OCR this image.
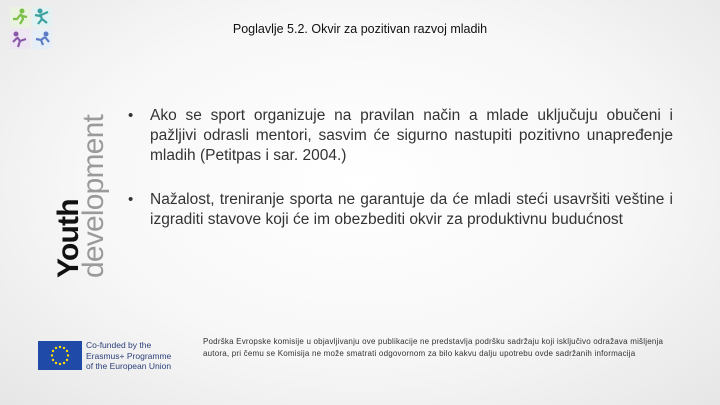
Poglavlje 5.2. Okvir za pozitivan razvoj mladih
Youth
development •	Ako se sport organizuje na pravilan način a mlade uključuju obučeni i pažljivi odrasli mentori, sasvim će sigurno nastupiti pozitivno unapređenje mladih (Petitpas i sar. 2004.)
•	Nažalost, treniranje sporta ne garantuje da će mladi steći usavršiti veštine i izgraditi stavove koji će im obezbediti okvir za produktivnu budućnost
Co-funded by the
Erasmus+ Programme
of the European Union
Podrška Evropske komisije u objavljivanju ove publikacije ne predstavlja podršku sadržaju koji isključivo odražava mišljenja autora, pri čemu se Komisija ne može smatrati odgovornom za bilo kakvu dalju upotrebu ovde sadržanih informacija
